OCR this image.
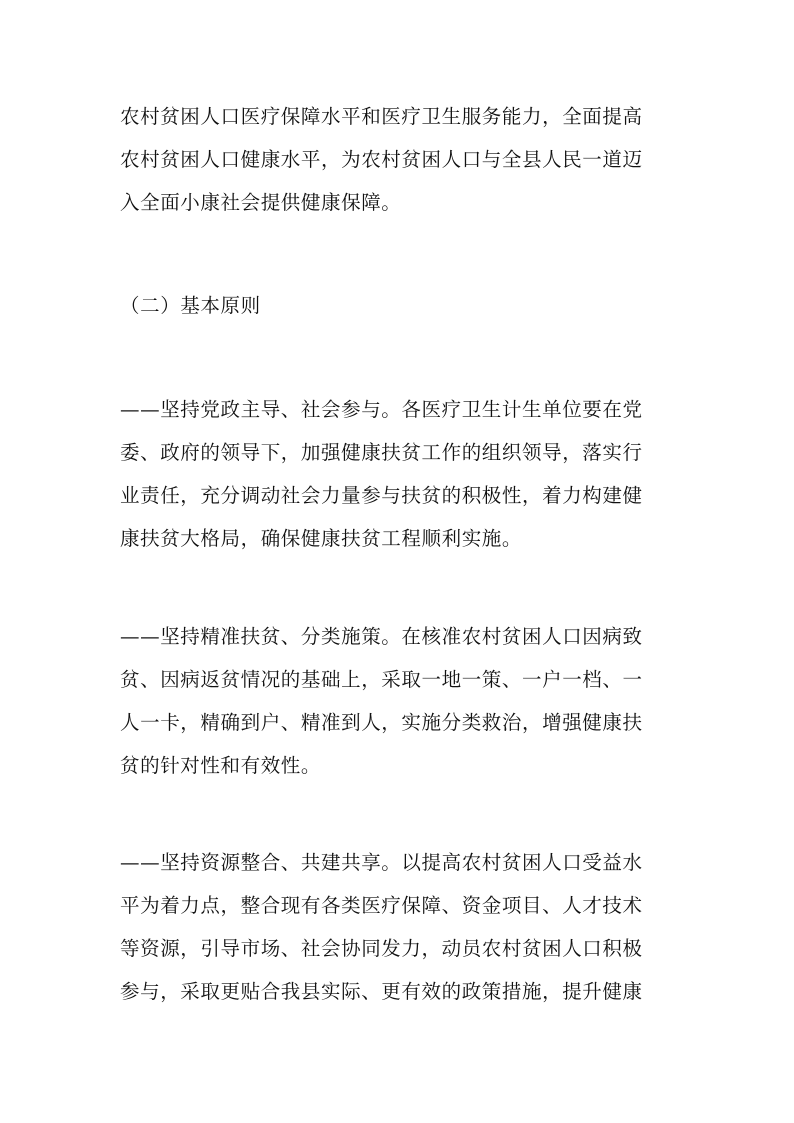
农村贫困人口医疗保障水平和医疗卫生服务能力，全面提高
农村贫困人口健康水平，为农村贫困人口与全县人民一道迈
入全面小康社会提供健康保障。
（二）基本原则
——坚持党政主导、社会参与。各医疗卫生计生单位要在党
委、政府的领导下，加强健康扶贫工作的组织领导，落实行
业责任，充分调动社会力量参与扶贫的积极性，着力构建健
康扶贫大格局，确保健康扶贫工程顺利实施。
——坚持精准扶贫、分类施策。在核准农村贫困人口因病致
贫、因病返贫情况的基础上，采取一地一策、一户一档、一
人一卡，精确到户、精准到人，实施分类救治，增强健康扶
贫的针对性和有效性。
——坚持资源整合、共建共享。以提高农村贫困人口受益水
平为着力点，整合现有各类医疗保障、资金项目、人才技术
等资源，引导市场、社会协同发力，动员农村贫困人口积极
参与，采取更贴合我县实际、更有效的政策措施，提升健康
